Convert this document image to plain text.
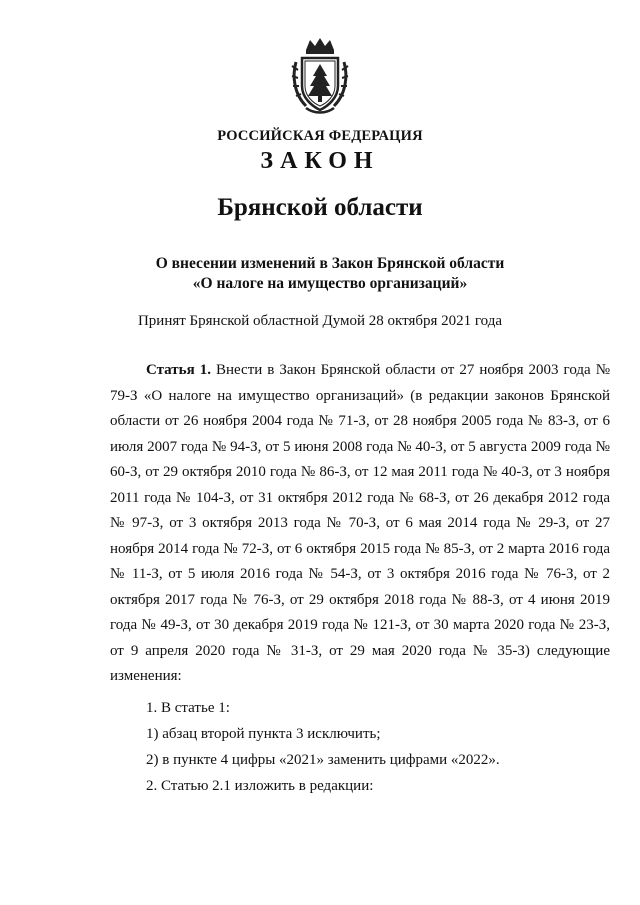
РОССИЙСКАЯ ФЕДЕРАЦИЯ
ЗАКОН
Брянской области
О внесении изменений в Закон Брянской области
«О налоге на имущество организаций»
Принят Брянской областной Думой 28 октября 2021 года
Статья 1. Внести в Закон Брянской области от 27 ноября 2003 года № 79-З «О налоге на имущество организаций» (в редакции законов Брянской области от 26 ноября 2004 года № 71-З, от 28 ноября 2005 года № 83-З, от 6 июля 2007 года № 94-З, от 5 июня 2008 года № 40-З, от 5 августа 2009 года № 60-З, от 29 октября 2010 года № 86-З, от 12 мая 2011 года № 40-З, от 3 ноября 2011 года № 104-З, от 31 октября 2012 года № 68-З, от 26 декабря 2012 года № 97-З, от 3 октября 2013 года № 70-З, от 6 мая 2014 года № 29-З, от 27 ноября 2014 года № 72-З, от 6 октября 2015 года № 85-З, от 2 марта 2016 года № 11-З, от 5 июля 2016 года № 54-З, от 3 октября 2016 года № 76-З, от 2 октября 2017 года № 76-З, от 29 октября 2018 года № 88-З, от 4 июня 2019 года № 49-З, от 30 декабря 2019 года № 121-З, от 30 марта 2020 года № 23-З, от 9 апреля 2020 года № 31-З, от 29 мая 2020 года № 35-З) следующие изменения:
1. В статье 1:
1) абзац второй пункта 3 исключить;
2) в пункте 4 цифры «2021» заменить цифрами «2022».
2. Статью 2.1 изложить в редакции:
